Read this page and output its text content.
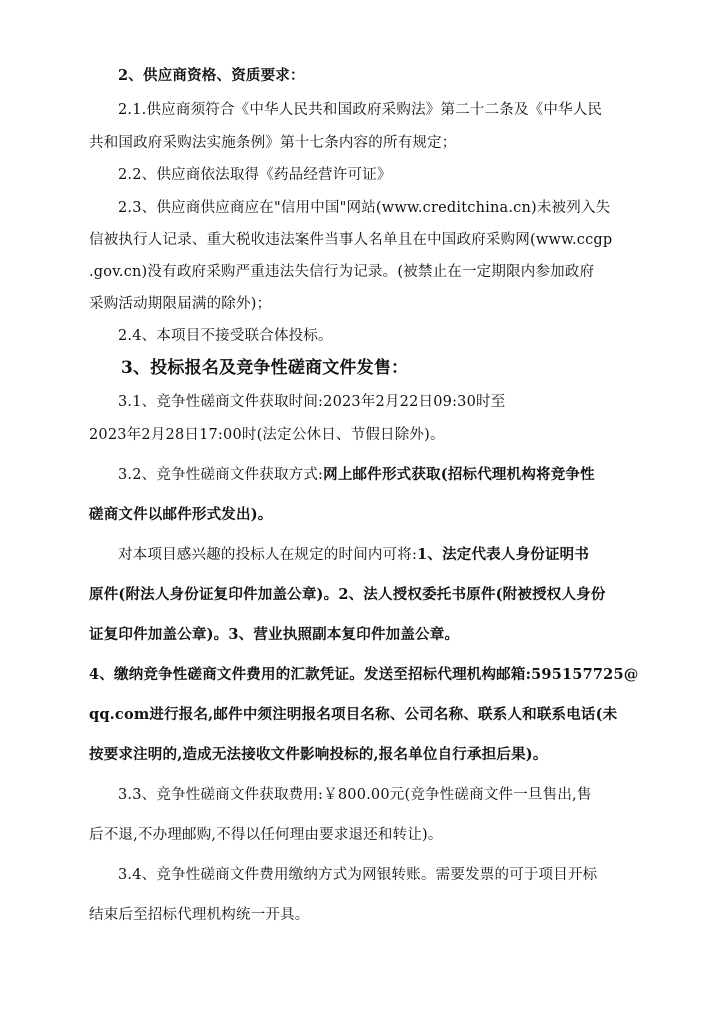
2、供应商资格、资质要求：
2.1.供应商须符合《中华人民共和国政府采购法》第二十二条及《中华人民
共和国政府采购法实施条例》第十七条内容的所有规定；
2.2、供应商依法取得《药品经营许可证》
2.3、供应商供应商应在"信用中国"网站(www.creditchina.cn)未被列入失
信被执行人记录、重大税收违法案件当事人名单且在中国政府采购网(www.ccgp
.gov.cn)没有政府采购严重违法失信行为记录。(被禁止在一定期限内参加政府
采购活动期限届满的除外)；
2.4、本项目不接受联合体投标。
3、投标报名及竞争性磋商文件发售：
3.1、竞争性磋商文件获取时间:2023年2月22日09:30时至
2023年2月28日17:00时(法定公休日、节假日除外)。
3.2、竞争性磋商文件获取方式:网上邮件形式获取(招标代理机构将竞争性
磋商文件以邮件形式发出)。
对本项目感兴趣的投标人在规定的时间内可将:1、法定代表人身份证明书
原件(附法人身份证复印件加盖公章)。2、法人授权委托书原件(附被授权人身份
证复印件加盖公章)。3、营业执照副本复印件加盖公章。
4、缴纳竞争性磋商文件费用的汇款凭证。发送至招标代理机构邮箱:595157725@
qq.com进行报名,邮件中须注明报名项目名称、公司名称、联系人和联系电话(未
按要求注明的,造成无法接收文件影响投标的,报名单位自行承担后果)。
3.3、竞争性磋商文件获取费用:￥800.00元(竞争性磋商文件一旦售出,售
后不退,不办理邮购,不得以任何理由要求退还和转让)。
3.4、竞争性磋商文件费用缴纳方式为网银转账。需要发票的可于项目开标
结束后至招标代理机构统一开具。
